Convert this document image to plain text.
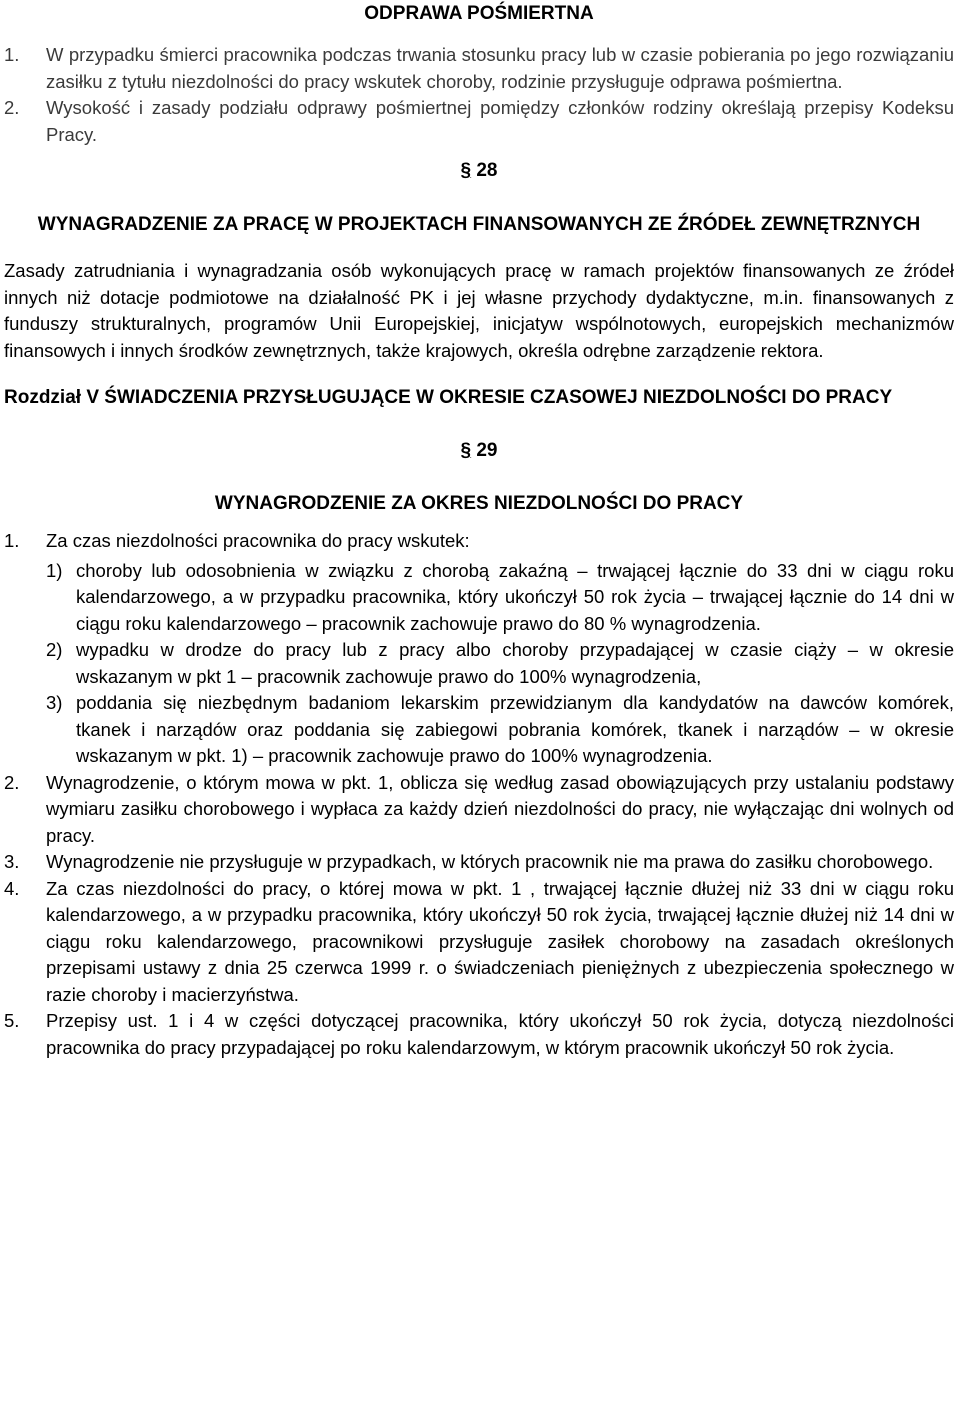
ODPRAWA POŚMIERTNA
1.	W przypadku śmierci pracownika podczas trwania stosunku pracy lub w czasie pobierania po jego rozwiązaniu zasiłku z tytułu niezdolności do pracy wskutek choroby, rodzinie przysługuje odprawa pośmiertna.
2.	Wysokość i zasady podziału odprawy pośmiertnej pomiędzy członków rodziny określają przepisy Kodeksu Pracy.
§ 28
WYNAGRADZENIE ZA PRACĘ W PROJEKTACH FINANSOWANYCH ZE ŹRÓDEŁ ZEWNĘTRZNYCH

Zasady zatrudniania i wynagradzania osób wykonujących pracę w ramach projektów finansowanych ze źródeł innych niż dotacje podmiotowe na działalność PK i jej własne przychody dydaktyczne, m.in. finansowanych z funduszy strukturalnych, programów Unii Europejskiej, inicjatyw wspólnotowych, europejskich mechanizmów finansowych i innych środków zewnętrznych, także krajowych, określa odrębne zarządzenie rektora.

Rozdział V ŚWIADCZENIA PRZYSŁUGUJĄCE W OKRESIE CZASOWEJ NIEZDOLNOŚCI DO PRACY

§ 29
WYNAGRODZENIE ZA OKRES NIEZDOLNOŚCI DO PRACY
1.	Za czas niezdolności pracownika do pracy wskutek:
1) choroby lub odosobnienia w związku z chorobą zakaźną – trwającej łącznie do 33 dni w ciągu roku kalendarzowego, a w przypadku pracownika, który ukończył 50 rok życia – trwającej łącznie do 14 dni w ciągu roku kalendarzowego – pracownik zachowuje prawo do 80 % wynagrodzenia.
2) wypadku w drodze do pracy lub z pracy albo choroby przypadającej w czasie ciąży – w okresie wskazanym w pkt 1 – pracownik zachowuje prawo do 100% wynagrodzenia,
3) poddania się niezbędnym badaniom lekarskim przewidzianym dla kandydatów na dawców komórek, tkanek i narządów oraz poddania się zabiegowi pobrania komórek, tkanek i narządów – w okresie wskazanym w pkt. 1) – pracownik zachowuje prawo do 100% wynagrodzenia.
2.	Wynagrodzenie, o którym mowa w pkt. 1, oblicza się według zasad obowiązujących przy ustalaniu podstawy wymiaru zasiłku chorobowego i wypłaca za każdy dzień niezdolności do pracy, nie wyłączając dni wolnych od pracy.
3.	Wynagrodzenie nie przysługuje w przypadkach, w których pracownik nie ma prawa do zasiłku chorobowego.
4.	Za czas niezdolności do pracy, o której mowa w pkt. 1 , trwającej łącznie dłużej niż 33 dni w ciągu roku kalendarzowego, a w przypadku pracownika, który ukończył 50 rok życia, trwającej łącznie dłużej niż 14 dni w ciągu roku kalendarzowego, pracownikowi przysługuje zasiłek chorobowy na zasadach określonych przepisami ustawy z dnia 25 czerwca 1999 r. o świadczeniach pieniężnych z ubezpieczenia społecznego w razie choroby i macierzyństwa.
5.	Przepisy ust. 1 i 4 w części dotyczącej pracownika, który ukończył 50 rok życia, dotyczą niezdolności pracownika do pracy przypadającej po roku kalendarzowym, w którym pracownik ukończył 50 rok życia.
